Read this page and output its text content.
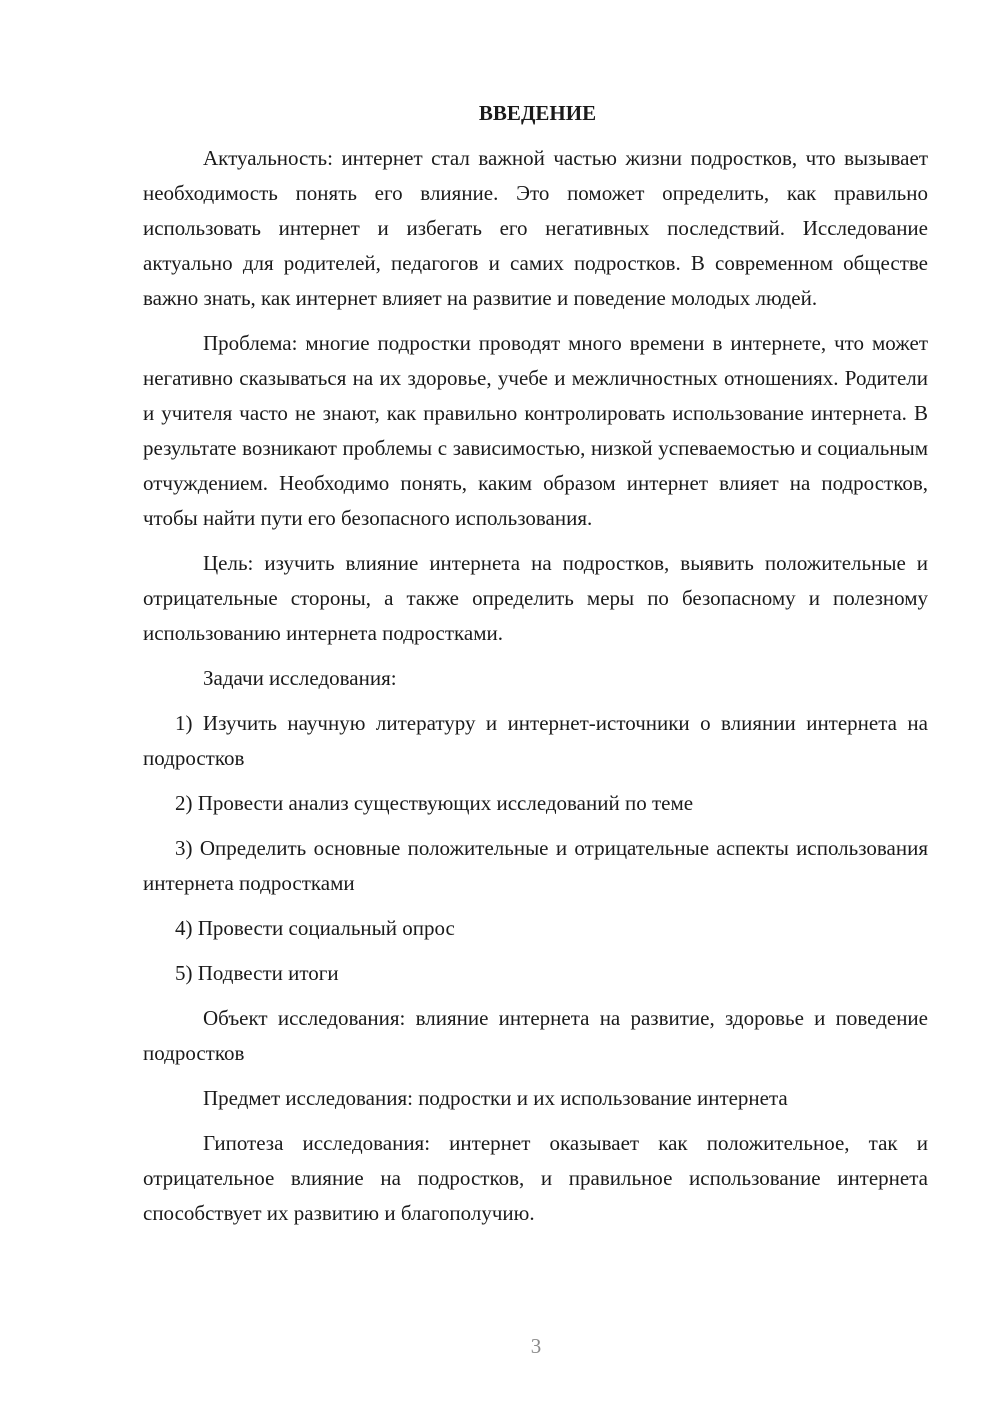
ВВЕДЕНИЕ

Актуальность: интернет стал важной частью жизни подростков, что вызывает необходимость понять его влияние. Это поможет определить, как правильно использовать интернет и избегать его негативных последствий. Исследование актуально для родителей, педагогов и самих подростков. В современном обществе важно знать, как интернет влияет на развитие и поведение молодых людей.

Проблема: многие подростки проводят много времени в интернете, что может негативно сказываться на их здоровье, учебе и межличностных отношениях. Родители и учителя часто не знают, как правильно контролировать использование интернета. В результате возникают проблемы с зависимостью, низкой успеваемостью и социальным отчуждением. Необходимо понять, каким образом интернет влияет на подростков, чтобы найти пути его безопасного использования.

Цель: изучить влияние интернета на подростков, выявить положительные и отрицательные стороны, а также определить меры по безопасному и полезному использованию интернета подростками.

Задачи исследования:

1) Изучить научную литературу и интернет-источники о влиянии интернета на подростков

2) Провести анализ существующих исследований по теме

3) Определить основные положительные и отрицательные аспекты использования интернета подростками

4) Провести социальный опрос

5) Подвести итоги

Объект исследования: влияние интернета на развитие, здоровье и поведение подростков

Предмет исследования: подростки и их использование интернета

Гипотеза исследования: интернет оказывает как положительное, так и отрицательное влияние на подростков, и правильное использование интернета способствует их развитию и благополучию.

3
